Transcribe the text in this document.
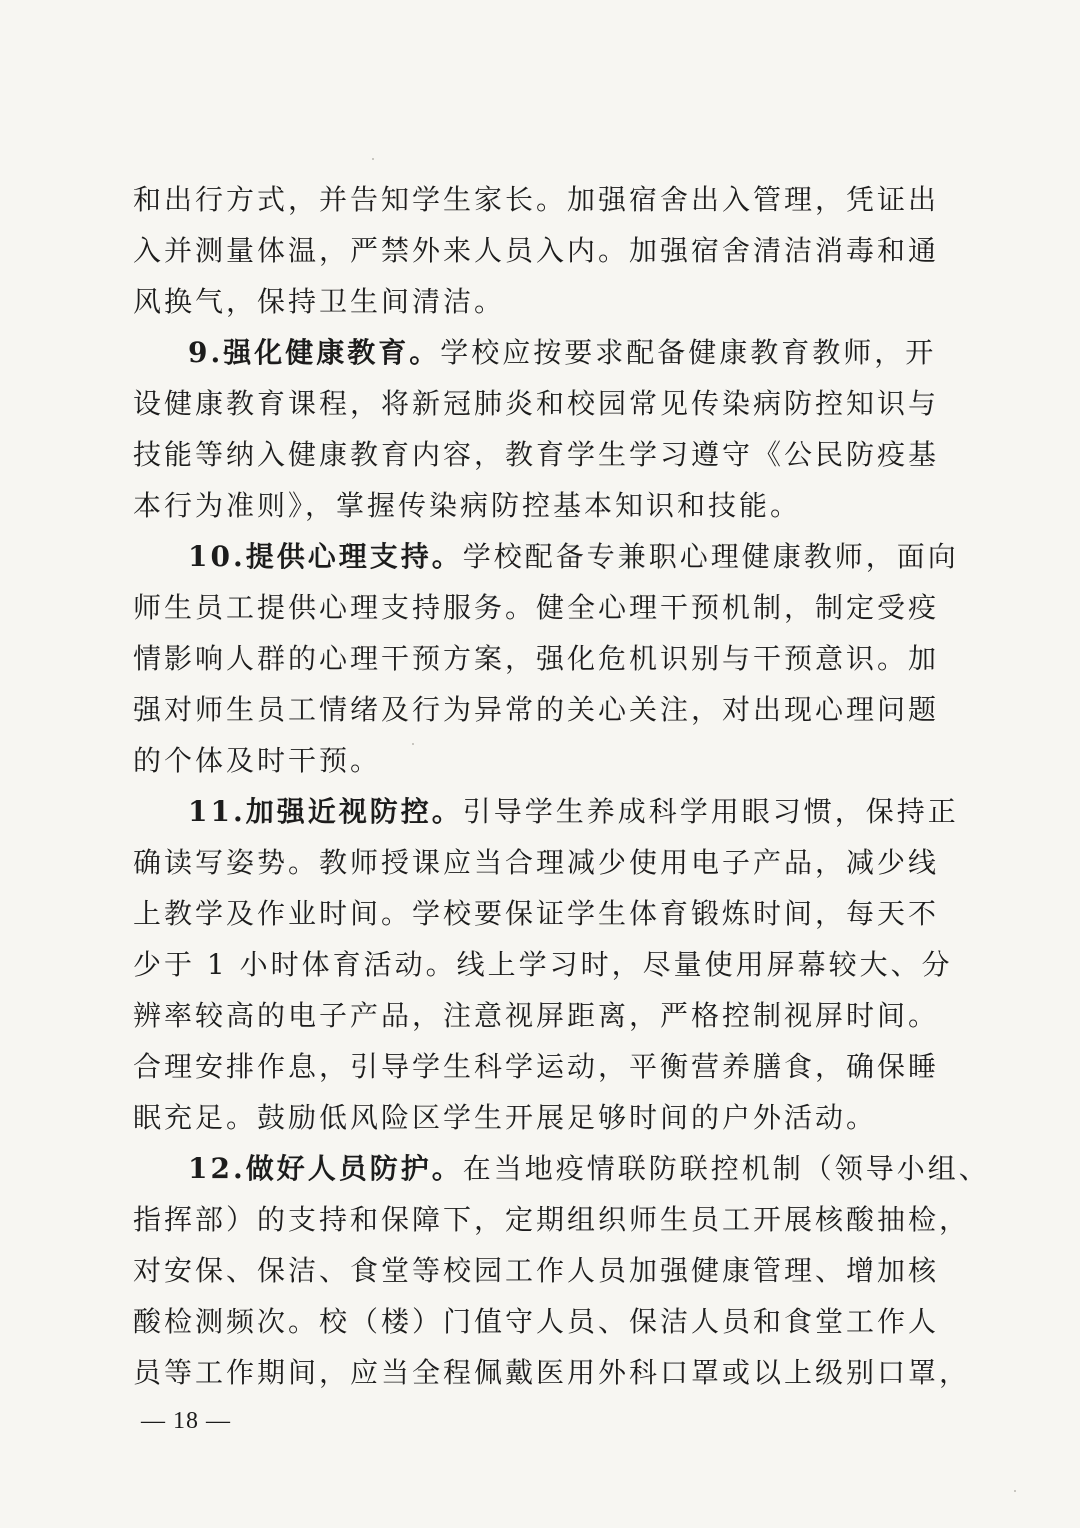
和出行方式，并告知学生家长。加强宿舍出入管理，凭证出
入并测量体温，严禁外来人员入内。加强宿舍清洁消毒和通
风换气，保持卫生间清洁。
9.强化健康教育。学校应按要求配备健康教育教师，开
设健康教育课程，将新冠肺炎和校园常见传染病防控知识与
技能等纳入健康教育内容，教育学生学习遵守《公民防疫基
本行为准则》，掌握传染病防控基本知识和技能。
10.提供心理支持。学校配备专兼职心理健康教师，面向
师生员工提供心理支持服务。健全心理干预机制，制定受疫
情影响人群的心理干预方案，强化危机识别与干预意识。加
强对师生员工情绪及行为异常的关心关注，对出现心理问题
的个体及时干预。
11.加强近视防控。引导学生养成科学用眼习惯，保持正
确读写姿势。教师授课应当合理减少使用电子产品，减少线
上教学及作业时间。学校要保证学生体育锻炼时间，每天不
少于 1 小时体育活动。线上学习时，尽量使用屏幕较大、分
辨率较高的电子产品，注意视屏距离，严格控制视屏时间。
合理安排作息，引导学生科学运动，平衡营养膳食，确保睡
眠充足。鼓励低风险区学生开展足够时间的户外活动。
12.做好人员防护。在当地疫情联防联控机制（领导小组、
指挥部）的支持和保障下，定期组织师生员工开展核酸抽检，
对安保、保洁、食堂等校园工作人员加强健康管理、增加核
酸检测频次。校（楼）门值守人员、保洁人员和食堂工作人
员等工作期间，应当全程佩戴医用外科口罩或以上级别口罩，
— 18 —
